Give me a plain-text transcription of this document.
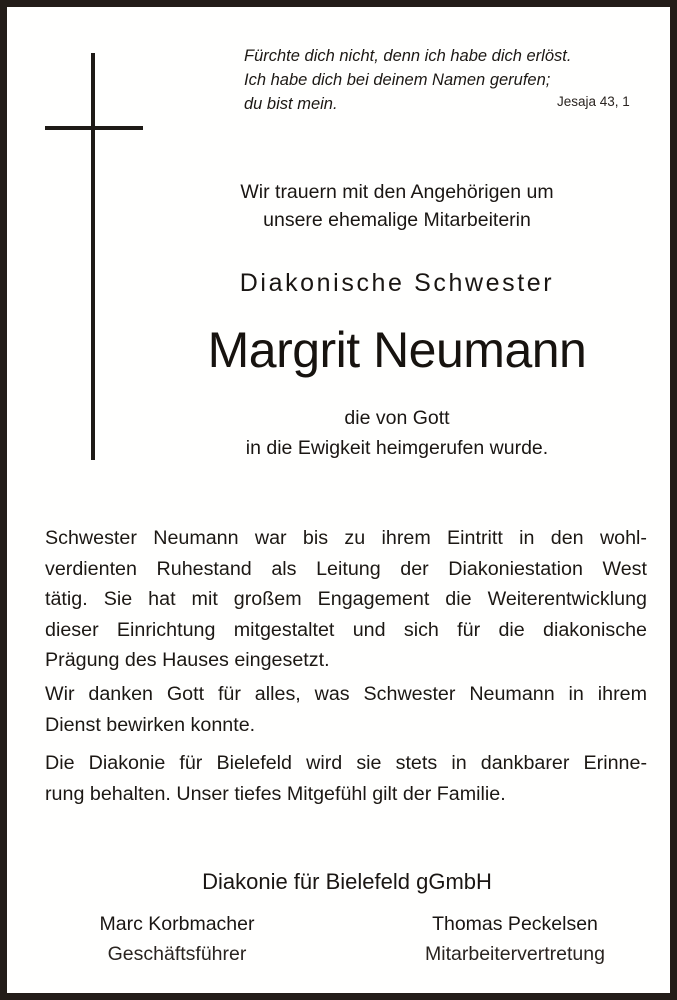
Fürchte dich nicht, denn ich habe dich erlöst.
Ich habe dich bei deinem Namen gerufen;
du bist mein.	Jesaja 43, 1
Wir trauern mit den Angehörigen um
unsere ehemalige Mitarbeiterin
Diakonische Schwester
Margrit Neumann
die von Gott
in die Ewigkeit heimgerufen wurde.
Schwester Neumann war bis zu ihrem Eintritt in den wohl-
verdienten Ruhestand als Leitung der Diakoniestation West
tätig. Sie hat mit großem Engagement die Weiterentwicklung
dieser Einrichtung mitgestaltet und sich für die diakonische
Prägung des Hauses eingesetzt.
Wir danken Gott für alles, was Schwester Neumann in ihrem
Dienst bewirken konnte.
Die Diakonie für Bielefeld wird sie stets in dankbarer Erinne-
rung behalten. Unser tiefes Mitgefühl gilt der Familie.
Diakonie für Bielefeld gGmbH
Marc Korbmacher
Geschäftsführer
Thomas Peckelsen
Mitarbeitervertretung
